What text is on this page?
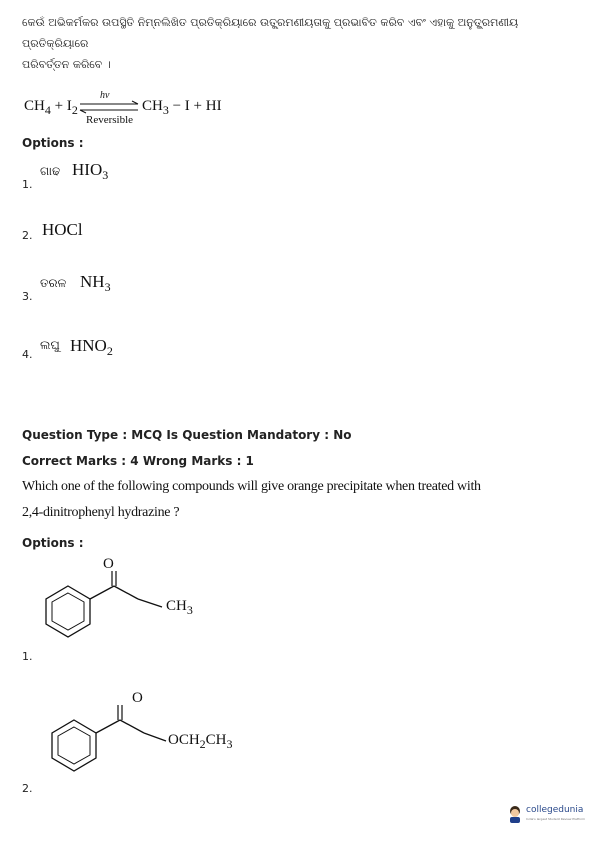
କେଉଁ ଅଭିକର୍ମକର ଉପସ୍ଥିତି ନିମ୍ନଲିଖିତ ପ୍ରତିକ୍ରିୟାରେ ଉତ୍କ୍ରମଣୀୟତାକୁ ପ୍ରଭାବିତ କରିବ ଏବଂ ଏହାକୁ ଅନୁତ୍କ୍ରମଣୀୟ ପ୍ରତିକ୍ରିୟାରେ
ପରିବର୍ତ୍ତନ କରିବେ ।
$CH_4 + I_2$
hν
Reversible
$CH_3 - I$ + HI
Options :
1.
ଗାଢ $HIO_3$
2. HOCl
3.
ତରଳ $NH_3$
4.
ଲଘୁ $HNO_2$
Question Type : MCQ Is Question Mandatory : No
Correct Marks : 4 Wrong Marks : 1
Which one of the following compounds will give orange precipitate when treated with
2,4-dinitrophenyl hydrazine ?
Options :
O
$CH_3$
1.
O
$OCH_2CH_3$
2.
collegedunia
India's largest Student Review Platform
